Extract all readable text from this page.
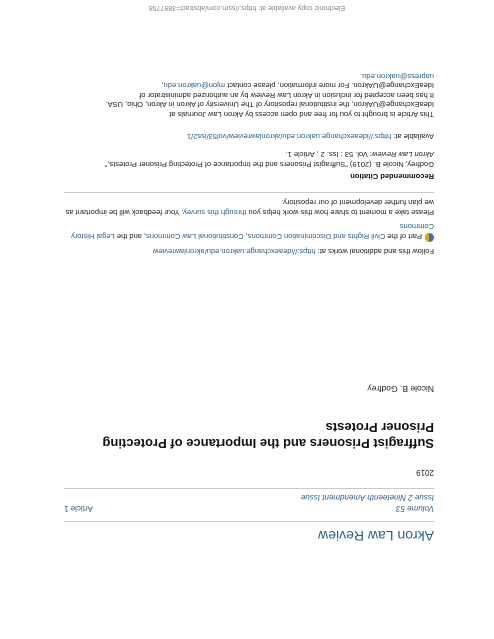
Akron Law Review
Volume 53
Issue 2 Nineteenth Amendment Issue
Article 1
2019
Suffragist Prisoners and the Importance of Protecting Prisoner Protests
Nicole B. Godfrey
Follow this and additional works at: https://ideaexchange.uakron.edu/akronlawreview
Part of the Civil Rights and Discrimination Commons, Constitutional Law Commons, and the Legal History Commons
Please take a moment to share how this work helps you through this survey. Your feedback will be important as we plan further development of our repository.
Recommended Citation
Godfrey, Nicole B. (2019) "Suffragist Prisoners and the Importance of Protecting Prisoner Protests,"
Akron Law Review: Vol. 53 : Iss. 2 , Article 1.
Available at: https://ideaexchange.uakron.edu/akronlawreview/vol53/iss2/1
This Article is brought to you for free and open access by Akron Law Journals at
IdeaExchange@UAkron, the institutional repository of The University of Akron in Akron, Ohio, USA.
It has been accepted for inclusion in Akron Law Review by an authorized administrator of
IdeaExchange@UAkron. For more information, please contact mjon@uakron.edu,
uapress@uakron.edu.
Electronic copy available at: https://ssrn.com/abstract=3897758
